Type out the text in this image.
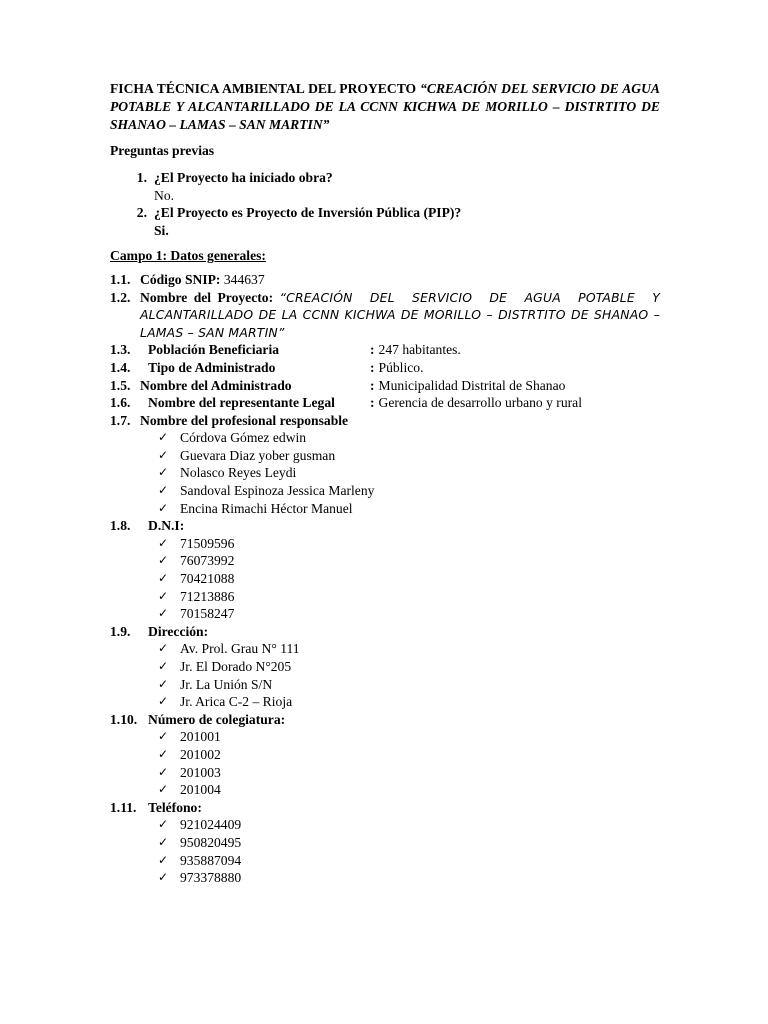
FICHA TÉCNICA AMBIENTAL DEL PROYECTO “CREACIÓN DEL SERVICIO DE AGUA POTABLE Y ALCANTARILLADO DE LA CCNN KICHWA DE MORILLO – DISTRTITO DE SHANAO – LAMAS – SAN MARTIN”

Preguntas previas
1. ¿El Proyecto ha iniciado obra?
No.
2. ¿El Proyecto es Proyecto de Inversión Pública (PIP)?
Si.
Campo 1: Datos generales:
1.1. Código SNIP: 344637
1.2. Nombre del Proyecto: “CREACIÓN DEL SERVICIO DE AGUA POTABLE Y
ALCANTARILLADO DE LA CCNN KICHWA DE MORILLO – DISTRTITO DE SHANAO – LAMAS – SAN MARTIN”
1.3.	Población Beneficiaria	: 247 habitantes.
1.4.	Tipo de Administrado	: Público.
1.5. Nombre del Administrado	: Municipalidad Distrital de Shanao
1.6.	Nombre del representante Legal	: Gerencia de desarrollo urbano y rural
1.7. Nombre del profesional responsable
✓ Córdova Gómez edwin
✓ Guevara Diaz yober gusman
✓ Nolasco Reyes Leydi
✓ Sandoval Espinoza Jessica Marleny
✓ Encina Rimachi Héctor Manuel
1.8.	D.N.I:
✓ 71509596
✓ 76073992
✓ 70421088
✓ 71213886
✓ 70158247
1.9.	Dirección:
✓ Av. Prol. Grau N° 111
✓ Jr. El Dorado N°205
✓ Jr. La Unión S/N
✓ Jr. Arica C-2 – Rioja
1.10. Número de colegiatura:
✓ 201001
✓ 201002
✓ 201003
✓ 201004
1.11. Teléfono:
✓ 921024409
✓ 950820495
✓ 935887094
✓ 973378880
